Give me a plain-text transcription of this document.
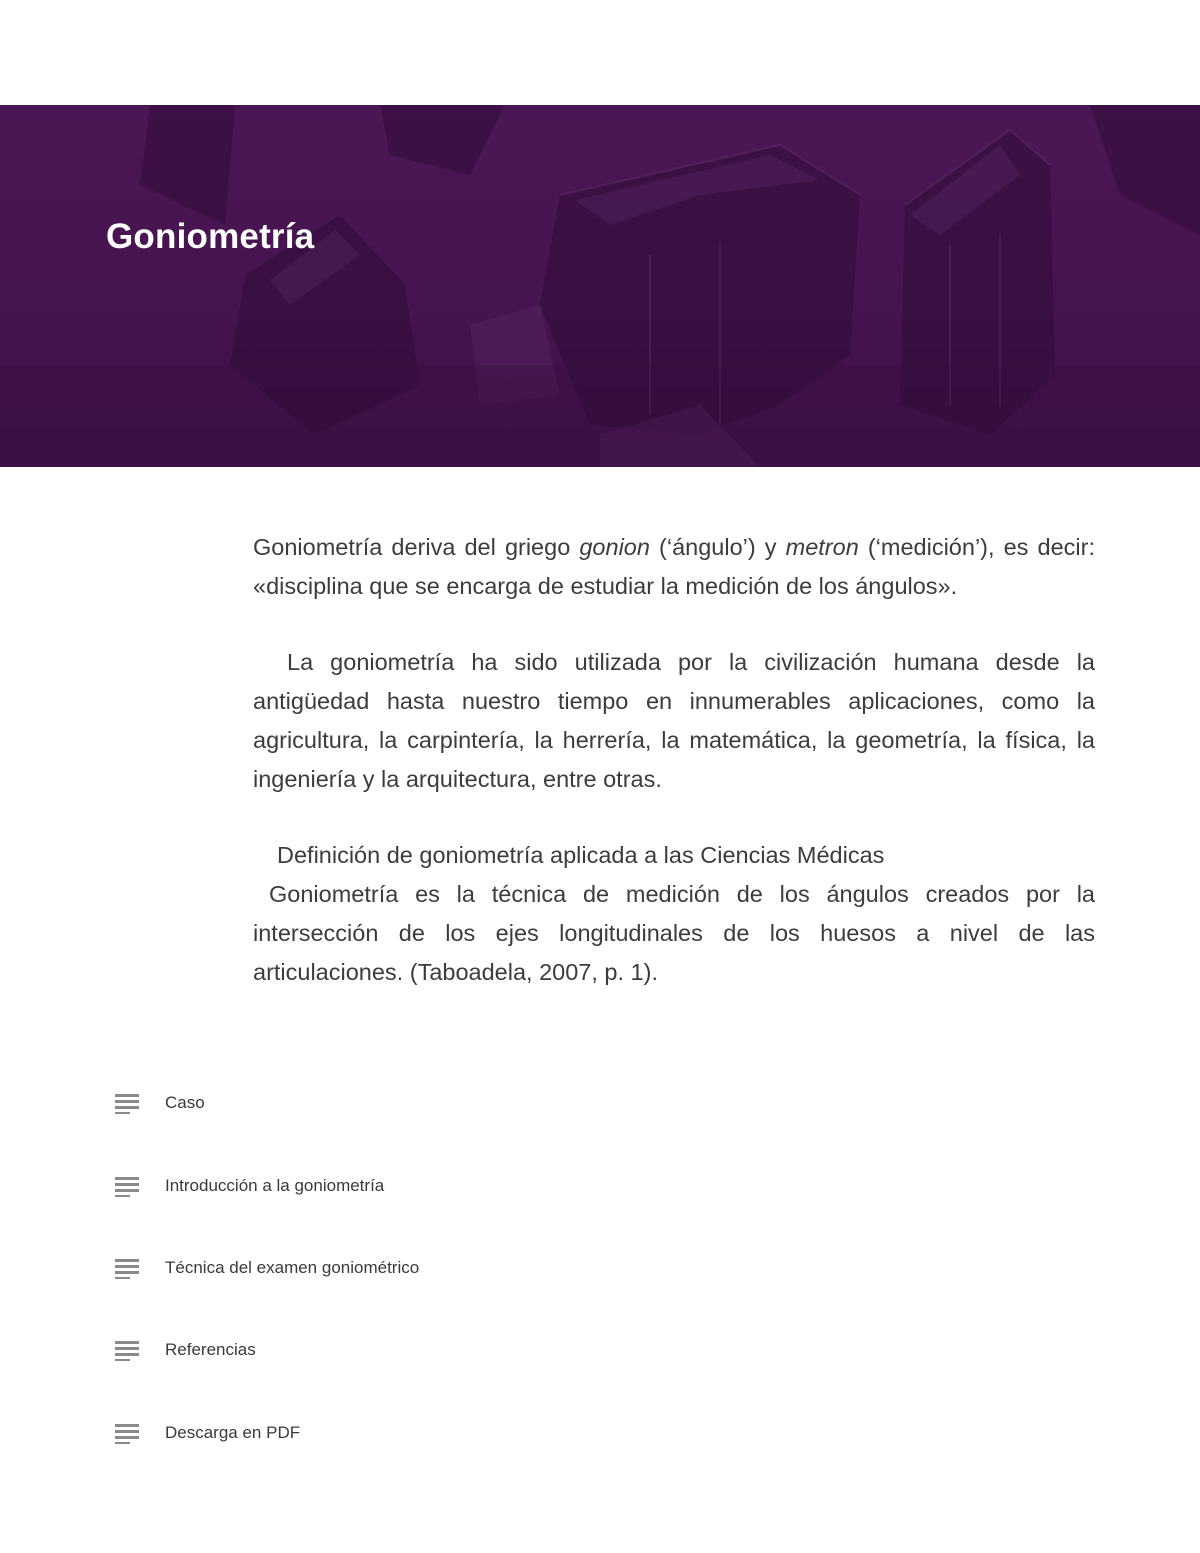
Goniometría

Goniometría deriva del griego gonion (‘ángulo’) y metron (‘medición’), es decir: «disciplina que se encarga de estudiar la medición de los ángulos».

La goniometría ha sido utilizada por la civilización humana desde la antigüedad hasta nuestro tiempo en innumerables aplicaciones, como la agricultura, la carpintería, la herrería, la matemática, la geometría, la física, la ingeniería y la arquitectura, entre otras.

Definición de goniometría aplicada a las Ciencias Médicas

Goniometría es la técnica de medición de los ángulos creados por la intersección de los ejes longitudinales de los huesos a nivel de las articulaciones. (Taboadela, 2007, p. 1).

Caso
Introducción a la goniometría
Técnica del examen goniométrico
Referencias
Descarga en PDF
